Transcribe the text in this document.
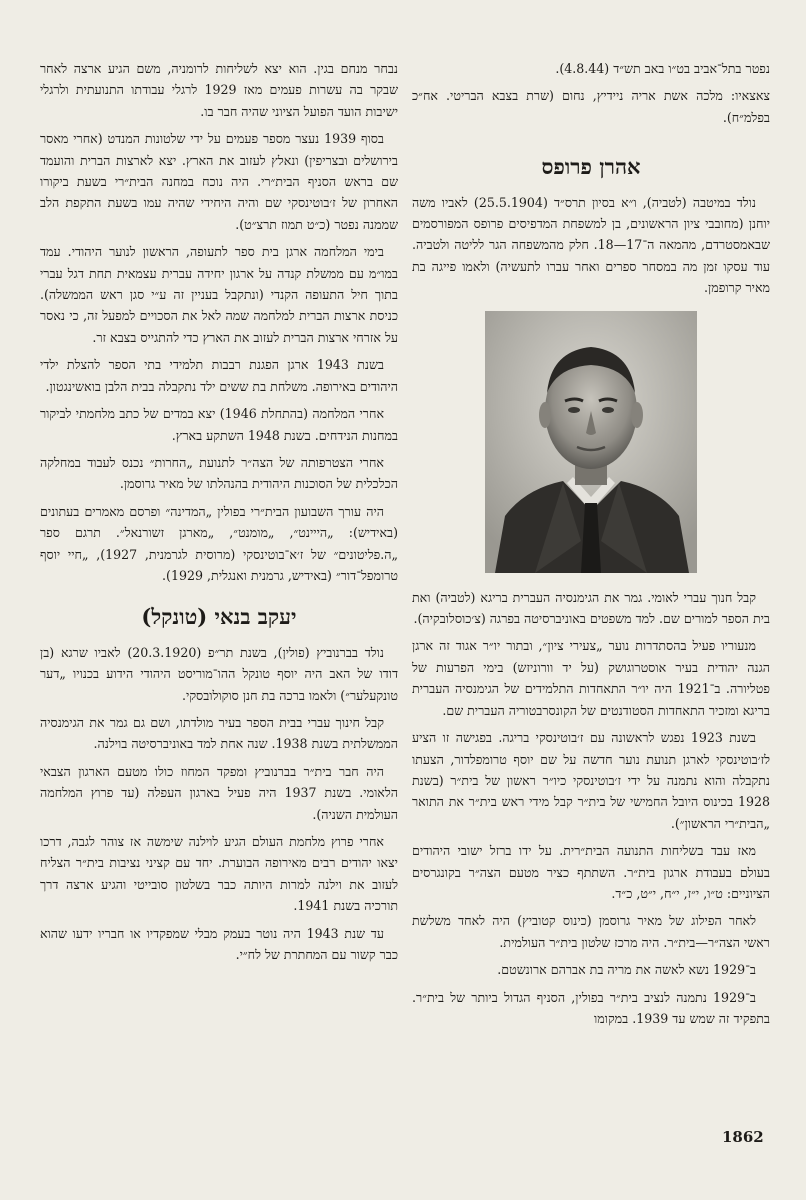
נפטר בתל־אביב בט״ו באב תש״ד (4.8.44).

צאצאיו: מלכה אשת אריה ניידיץ, נחום (שרת בצבא הבריטי. אח״כ בפלמ״ח).

אהרן פרופס

נולד במיטבה (לטביה), ו״א בסיון תרס״ד (25.5.1904) לאביו משה יוחנן (מחובבי ציון הראשונים, בן למשפחת המדפיסים פרופס המפורסמים שבאמסטרדם, מהמאה ה־17—18. חלק מהמשפחה הגר לליטה ולטביה. עוד עסקו זמן מה במסחר ספרים ואחר עברו לתעשיה) ולאמו פייגה בת מאיר קרופמן.

קבל חנוך עברי לאומי. גמר את הגימנסיה העברית בריגא (לטביה) ואת בית הספר למורים שם. למד משפטים באוניברסיטה בפרגה (צ׳כוסלובקיה).

מנעוריו פעיל בהסתדרות נוער „צעירי ציון״, ובתור יו״ר אגוד זה ארגן הגנה יהודית בעיר אוסטרוגושק (על יד וורוניזש) בימי הפרעות של פטליורה. ב־1921 היה יו״ר התאחדות התלמידים של הגימנסיה העברית בריגא ומזכיר התאחדות הסטודנטים של הקונסרבטוריה העברית שם.

בשנת 1923 נפגש לראשונה עם ז׳בוטינסקי בריגה. בפגישה זו הציע לז׳בוטינסקי לארגן תנועת נוער חדשה על שם יוסף טרומפלדור, הצעתו נתקבלה והוא נתמנה על ידי ז׳בוטינסקי כיו״ר ראשון של בית״ר (בשנת 1928 בכינוס היובל החמישי של בית״ר קבל מידי ראש בית״ר את התואר „הבית״רי הראשון״).

מאז עבד בשליחות התנועה הבית״רית. על ידו ברזל ישובי היהודים בעולם בעבודת ארגון בית״ר. השתתף כציר מטעם הצה״ר בקונגרסים הציוניים: ט״ו, י״ז, י״ח, י״ט, כ״ד.

לאחר הפילוג של מאיר גרוסמן (כינוס קטוביץ) היה לאחד משלשת ראשי הצה״ר—בית״ר. היה מרכז שלטון בית״ר העולמית.

ב־1929 נשא לאשה את מריה בת אברהם ארונשטם.

ב־1929 נתמנה לנציב בית״ר בפולין, הסניף הגדול ביותר של בית״ר. בתפקיד זה שמש עד 1939. במקומו

נבחר מנחם בגין. הוא יצא לשליחות לרומניה, משם הגיע ארצה לאחר שבקר בה עשרות פעמים מאז 1929 לרגלי עבודתו התנועתית ולרגלי ישיבות הועד הפועל הציוני שהיה חבר בו.

בסוף 1939 נעצר מספר פעמים על ידי שלטונות המנדט (אחרי מאסר בירושלים ובצריפין) ונאלץ לעזוב את הארץ. יצא לארצות הברית והועמד שם בראש הסניף הבית״רי. היה נוכח במחנה הבית״רי בשעת ביקורו האחרון של ז׳בוטינסקי שם והיה היחידי שהיה עמו בשעת התקפת הלב שממנה נפטר (כ״ט תמוז תרצ״ט).

בימי המלחמה ארגן בית ספר לתעופה, הראשון לנוער היהודי. עמד במו״מ עם ממשלת קנדה על ארגון יחידה עברית עצמאית תחת דגל עברי בתוך חיל התעופה הקנדי (ונתקבל בעניין זה ע״י סגן ראש הממשלה). כניסת ארצות הברית למלחמה שמה לאל את הסכויים למפעל זה, כי נאסר על אזרחי ארצות הברית לעזוב את הארץ כדי להתגייס בצבא זר.

בשנת 1943 ארגן הפגנת רבבות תלמידי בתי הספר להצלת ילדי היהודים באירופה. משלחת בת ששים ילד נתקבלה בבית הלבן בואשינגטון.

אחרי המלחמה (בהתחלת 1946) יצא במדים של כתב מלחמתי לביקור במחנות הנידחים. בשנת 1948 השתקע בארץ.

אחרי הצטרפותה של הצה״ר לתנועת „החרות״ נכנס לעבוד במחלקה הכלכלית של הסוכנות היהודית בהנהלתו של מאיר גרוסמן.

היה עורך השבועון הבית״רי בפולין „המדינה״ ופרסם מאמרים בעתונים (באידיש): „הייינט״, „מומנט״, „מארגן זשורנאל״. תרגם ספר „ה.פליטונים״ של ז׳א־בוטינסקי (מרוסית לגרמנית, 1927), „חיי יוסף טרומפל־דור״ (באידיש, גרמנית ואנגלית, 1929).

יעקב בנאי (טונקל)

נולד בברנוביץ (פולין), בשנת תר״פ (20.3.1920) לאביו שרגא (בן דודו של האב היה יוסף טונקל ההו־מוריסט היהודי הידוע בכנויו „דער טונקעלער״) ולאמו ברכה בת חנן סוקולובסקי.

קבל חינוך עברי בבית הספר בעיר מולדתו, ושם גם גמר את הגימנסיה הממשלתית בשנת 1938. שנה אחת למד באוניברסיטה בוילנה.

היה חבר בית״ר בברנוביץ ומפקד המחוז כולו מטעם הארגון הצבאי הלאומי. בשנת 1937 היה פעיל בארגון העפלה (עד פרוץ המלחמה העולמית השניה).

אחרי פרוץ מלחמת העולם הגיע לוילנה שימשה אז צוהר לגבה, דרכו יצאו יהודים רבים מאירופה הבוערת. יחד עם קציני נציבות בית״ר הצליח לעזוב את וילנה למרות היותה כבר בשלטון סובייטי והגיע ארצה דרך תורכיה בשנת 1941.

עד שנת 1943 היה נוטר בעמק מבלי שמפקדיו או חבריו ידעו שהוא כבר קשור עם המחתרת של לח״י.

1862
